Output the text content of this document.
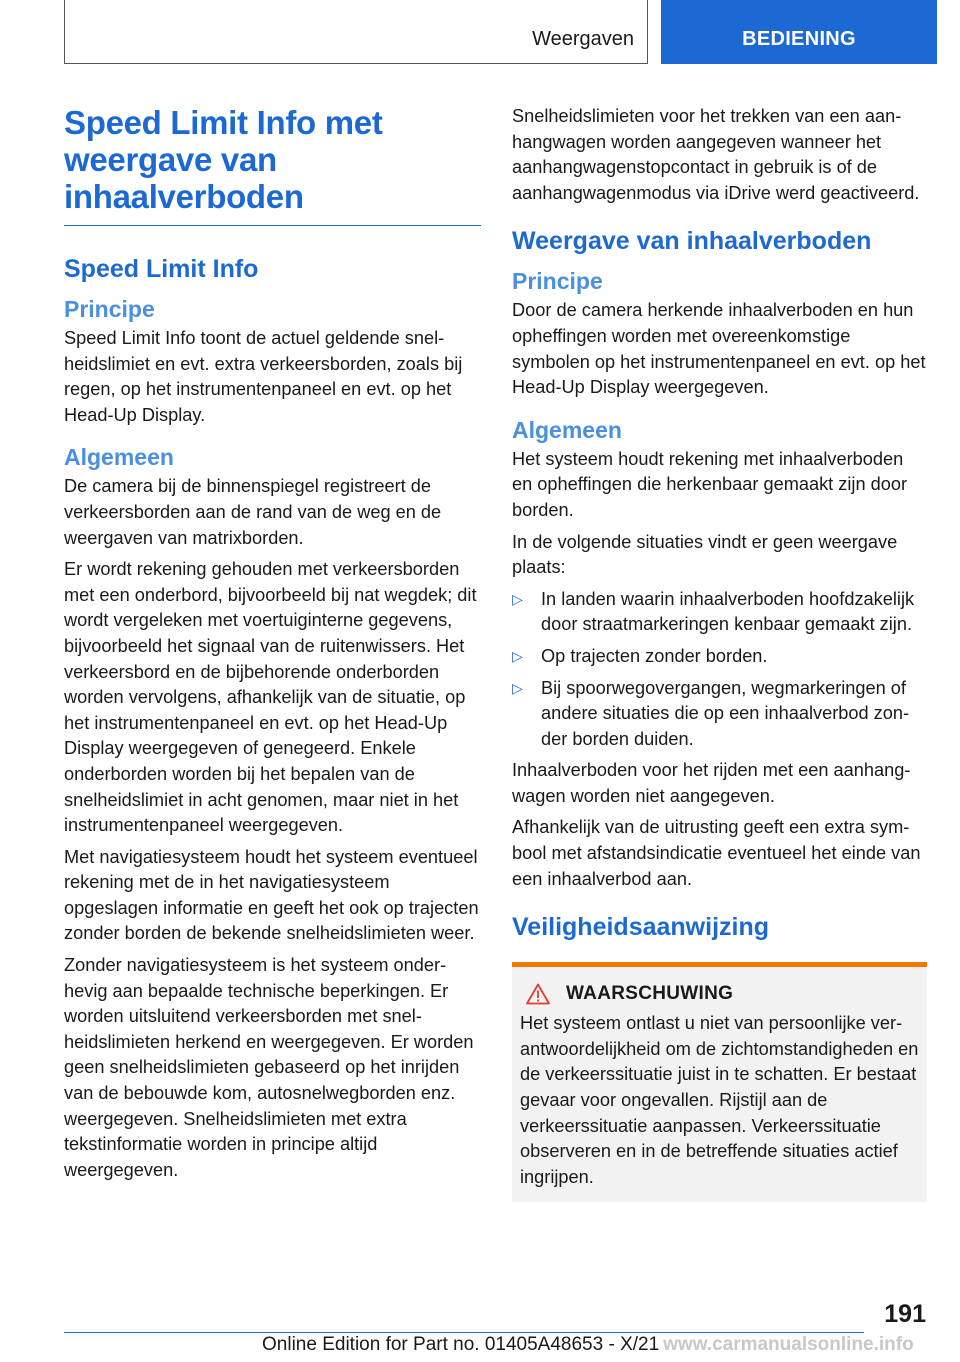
Weergaven	BEDIENING
Speed Limit Info met weergave van inhaalverboden
Speed Limit Info
Principe

Speed Limit Info toont de actuel geldende snelheidslimiet en evt. extra verkeersborden, zoals bij regen, op het instrumentenpaneel en evt. op het Head-Up Display.

Algemeen

De camera bij de binnenspiegel registreert de verkeersborden aan de rand van de weg en de weergaven van matrixborden.

Er wordt rekening gehouden met verkeersborden met een onderbord, bijvoorbeeld bij nat wegdek; dit wordt vergeleken met voertuiginterne gegevens, bijvoorbeeld het signaal van de ruitenwissers. Het verkeersbord en de bijbehorende onderborden worden vervolgens, afhankelijk van de situatie, op het instrumentenpaneel en evt. op het Head-Up Display weergegeven of genegeerd. Enkele onderborden worden bij het bepalen van de snelheidslimiet in acht genomen, maar niet in het instrumentenpaneel weergegeven.

Met navigatiesysteem houdt het systeem eventueel rekening met de in het navigatiesysteem opgeslagen informatie en geeft het ook op trajecten zonder borden de bekende snelheidslimieten weer.

Zonder navigatiesysteem is het systeem onderhevig aan bepaalde technische beperkingen. Er worden uitsluitend verkeersborden met snelheidslimieten herkend en weergegeven. Er worden geen snelheidslimieten gebaseerd op het inrijden van de bebouwde kom, autosnelwegborden enz. weergegeven. Snelheidslimieten met extra tekstinformatie worden in principe altijd weergegeven.

Snelheidslimieten voor het trekken van een aanhangwagen worden aangegeven wanneer het aanhangwagenstopcontact in gebruik is of de aanhangwagenmodus via iDrive werd geactiveerd.

Weergave van inhaalverboden
Principe

Door de camera herkende inhaalverboden en hun opheffingen worden met overeenkomstige symbolen op het instrumentenpaneel en evt. op het Head-Up Display weergegeven.

Algemeen

Het systeem houdt rekening met inhaalverboden en opheffingen die herkenbaar gemaakt zijn door borden.

In de volgende situaties vindt er geen weergave plaats:

▷ In landen waarin inhaalverboden hoofdzakelijk door straatmarkeringen kenbaar gemaakt zijn.
▷ Op trajecten zonder borden.
▷ Bij spoorwegovergangen, wegmarkeringen of andere situaties die op een inhaalverbod zonder borden duiden.

Inhaalverboden voor het rijden met een aanhangwagen worden niet aangegeven.

Afhankelijk van de uitrusting geeft een extra symbool met afstandsindicatie eventueel het einde van een inhaalverbod aan.

Veiligheidsaanwijzing
WAARSCHUWING

Het systeem ontlast u niet van persoonlijke verantwoordelijkheid om de zichtomstandigheden en de verkeerssituatie juist in te schatten. Er bestaat gevaar voor ongevallen. Rijstijl aan de verkeerssituatie aanpassen. Verkeerssituatie observeren en in de betreffende situaties actief ingrijpen.

191
Online Edition for Part no. 01405A48653 - X/21 www.carmanualsonline.info
